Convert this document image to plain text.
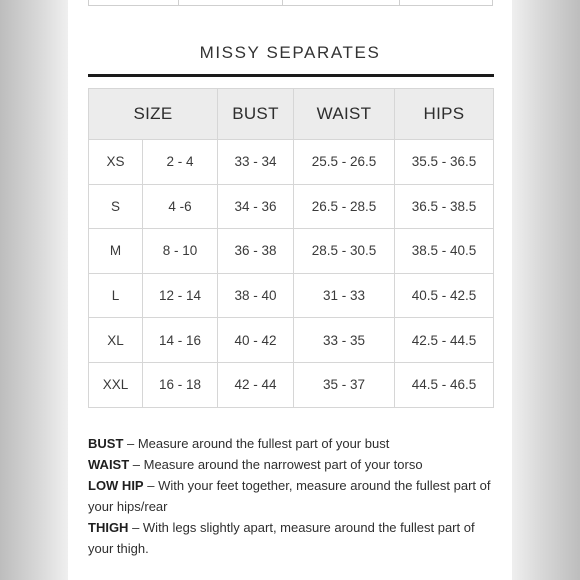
MISSY SEPARATES
SIZE		BUST	WAIST	HIPS
XS	2 - 4	33 - 34	25.5 - 26.5	35.5 - 36.5
S	4 -6	34 - 36	26.5 - 28.5	36.5 - 38.5
M	8 - 10	36 - 38	28.5 - 30.5	38.5 - 40.5
L	12 - 14	38 - 40	31 - 33	40.5 - 42.5
XL	14 - 16	40 - 42	33 - 35	42.5 - 44.5
XXL	16 - 18	42 - 44	35 - 37	44.5 - 46.5

BUST – Measure around the fullest part of your bust

WAIST – Measure around the narrowest part of your torso

LOW HIP – With your feet together, measure around the fullest part of your hips/rear

THIGH – With legs slightly apart, measure around the fullest part of your thigh.
